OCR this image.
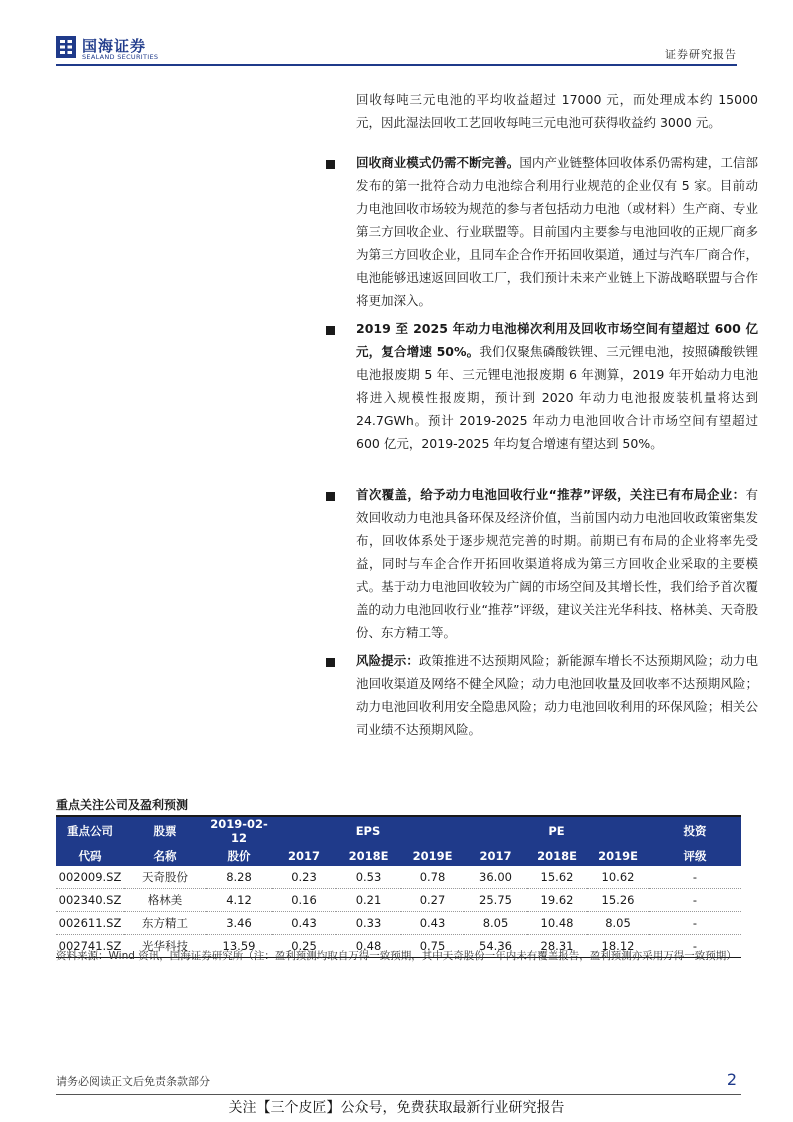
国海证券
SEALAND SECURITIES	证券研究报告
回收每吨三元电池的平均收益超过 17000 元，而处理成本约 15000 元，因此湿法回收工艺回收每吨三元电池可获得收益约 3000 元。
回收商业模式仍需不断完善。国内产业链整体回收体系仍需构建，工信部发布的第一批符合动力电池综合利用行业规范的企业仅有 5 家。目前动力电池回收市场较为规范的参与者包括动力电池（或材料）生产商、专业第三方回收企业、行业联盟等。目前国内主要参与电池回收的正规厂商多为第三方回收企业，且同车企合作开拓回收渠道，通过与汽车厂商合作，电池能够迅速返回回收工厂，我们预计未来产业链上下游战略联盟与合作将更加深入。
2019 至 2025 年动力电池梯次利用及回收市场空间有望超过 600 亿元，复合增速 50%。我们仅聚焦磷酸铁锂、三元锂电池，按照磷酸铁锂电池报废期 5 年、三元锂电池报废期 6 年测算，2019 年开始动力电池将进入规模性报废期，预计到 2020 年动力电池报废装机量将达到 24.7GWh。预计 2019-2025 年动力电池回收合计市场空间有望超过 600 亿元，2019-2025 年均复合增速有望达到 50%。
首次覆盖，给予动力电池回收行业“推荐”评级，关注已有布局企业：有效回收动力电池具备环保及经济价值，当前国内动力电池回收政策密集发布，回收体系处于逐步规范完善的时期。前期已有布局的企业将率先受益，同时与车企合作开拓回收渠道将成为第三方回收企业采取的主要模式。基于动力电池回收较为广阔的市场空间及其增长性，我们给予首次覆盖的动力电池回收行业“推荐”评级，建议关注光华科技、格林美、天奇股份、东方精工等。
风险提示：政策推进不达预期风险；新能源车增长不达预期风险；动力电池回收渠道及网络不健全风险；动力电池回收量及回收率不达预期风险；动力电池回收利用安全隐患风险；动力电池回收利用的环保风险；相关公司业绩不达预期风险。
重点关注公司及盈利预测
重点公司	股票	2019-02-12	EPS			PE			投资
代码	名称	股价	2017	2018E	2019E	2017	2018E	2019E	评级
002009.SZ	天奇股份	8.28	0.23	0.53	0.78	36.00	15.62	10.62	-
002340.SZ	格林美	4.12	0.16	0.21	0.27	25.75	19.62	15.26	-
002611.SZ	东方精工	3.46	0.43	0.33	0.43	8.05	10.48	8.05	-
002741.SZ	光华科技	13.59	0.25	0.48	0.75	54.36	28.31	18.12	-
资料来源：Wind 资讯，国海证券研究所（注：盈利预测均取自万得一致预期，其中天奇股份一年内未有覆盖报告，盈利预测亦采用万得一致预期）
请务必阅读正文后免责条款部分	2
关注【三个皮匠】公众号，免费获取最新行业研究报告
